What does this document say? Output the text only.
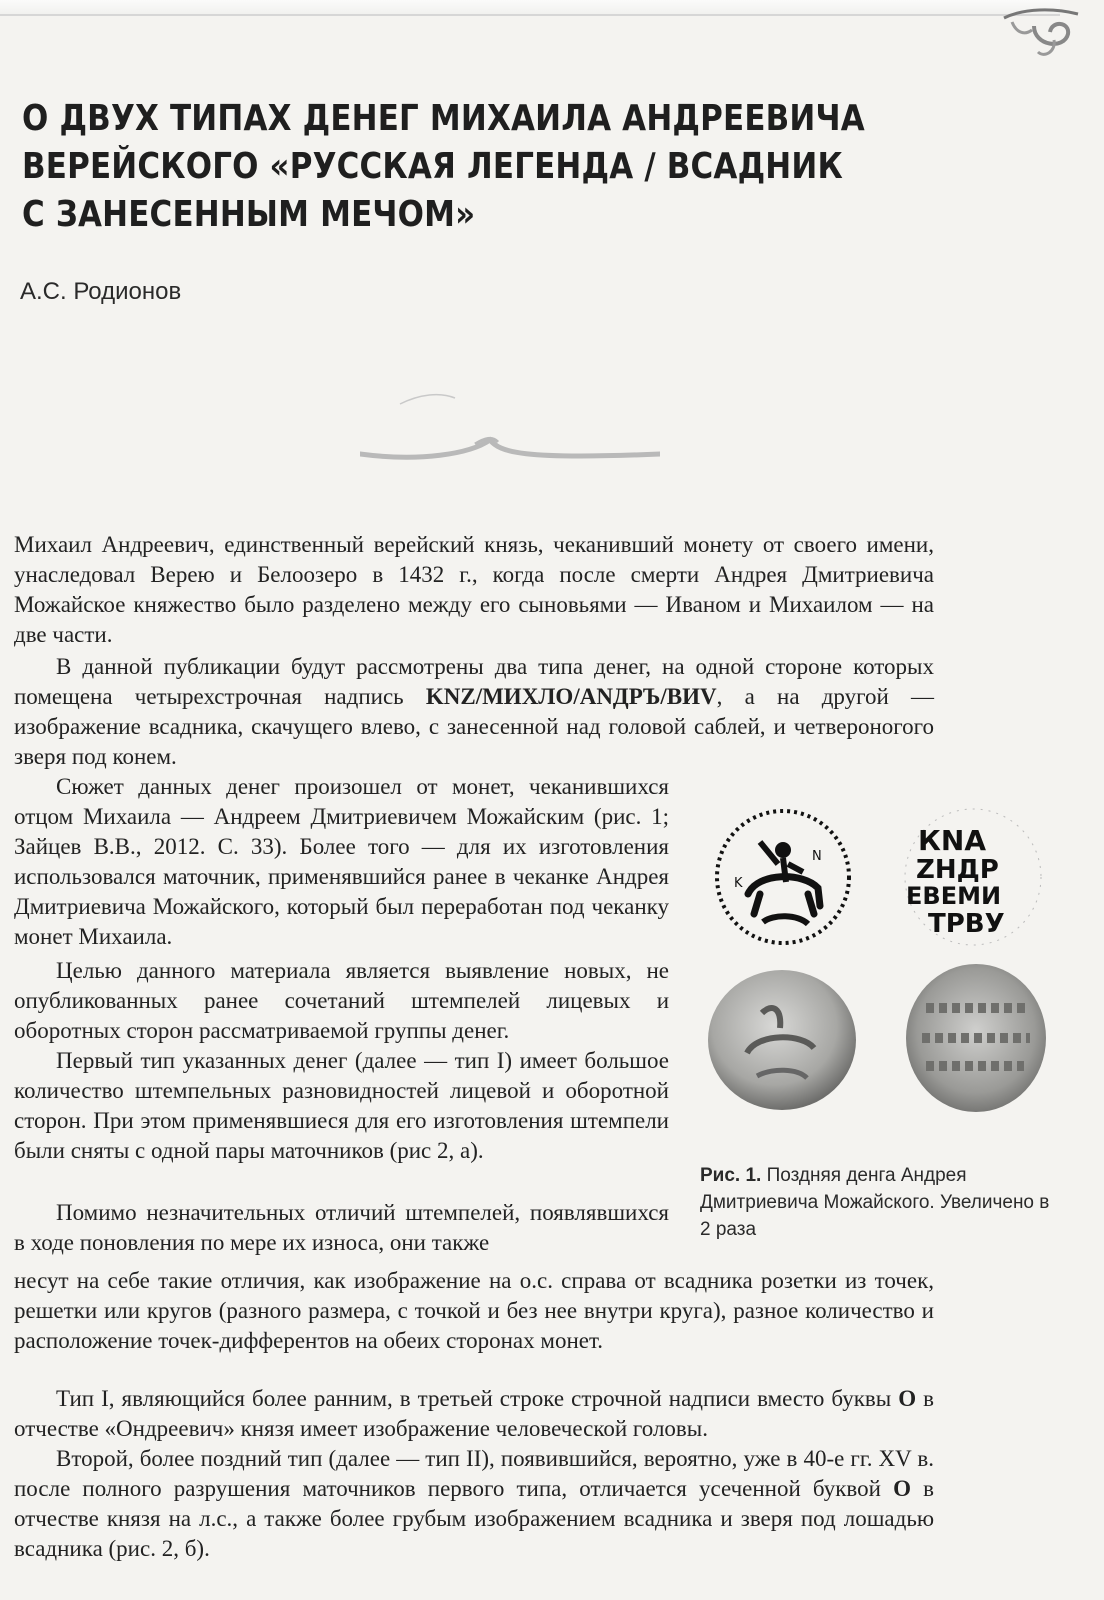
О ДВУХ ТИПАХ ДЕНЕГ МИХАИЛА АНДРЕЕВИЧА
ВЕРЕЙСКОГО «РУССКАЯ ЛЕГЕНДА / ВСАДНИК
С ЗАНЕСЕННЫМ МЕЧОМ»
А.С. Родионов

Михаил Андреевич, единственный верейский князь, чеканивший монету от своего имени, унаследовал Верею и Белоозеро в 1432 г., когда после смерти Андрея Дмитриевича Можайское княжество было разделено между его сыновьями — Иваном и Михаилом — на две части.

В данной публикации будут рассмотрены два типа денег, на одной стороне которых помещена четырехстрочная надпись KNZ/МИХЛО/ANДРЪ/ВИV, а на другой — изображение всадника, скачущего влево, с занесенной над головой саблей, и четвероногого зверя под конем.

Сюжет данных денег произошел от монет, чеканившихся отцом Михаила — Андреем Дмитриевичем Можайским (рис. 1; Зайцев В.В., 2012. С. 33). Более того — для их изготовления использовался маточник, применявшийся ранее в чеканке Андрея Дмитриевича Можайского, который был переработан под чеканку монет Михаила.

Целью данного материала является выявление новых, не опубликованных ранее сочетаний штемпелей лицевых и оборотных сторон рассматриваемой группы денег.

Первый тип указанных денег (далее — тип I) имеет большое количество штемпельных разновидностей лицевой и оборотной сторон. При этом применявшиеся для его изготовления штемпели были сняты с одной пары маточников (рис 2, а).

Помимо незначительных отличий штемпелей, появлявшихся в ходе поновления по мере их износа, они также

несут на себе такие отличия, как изображение на о.с. справа от всадника розетки из точек, решетки или кругов (разного размера, с точкой и без нее внутри круга), разное количество и расположение точек-дифферентов на обеих сторонах монет.

Тип I, являющийся более ранним, в третьей строке строчной надписи вместо буквы О в отчестве «Ондреевич» князя имеет изображение человеческой головы.

Второй, более поздний тип (далее — тип II), появившийся, вероятно, уже в 40-е гг. XV в. после полного разрушения маточников первого типа, отличается усеченной буквой О в отчестве князя на л.с., а также более грубым изображением всадника и зверя под лошадью всадника (рис. 2, б).

K
N	КNА
ZНДР
ЕВЕМИ
ТРВУ
Рис. 1. Поздняя денга Андрея Дмитриевича Можайского. Увеличено в 2 раза
